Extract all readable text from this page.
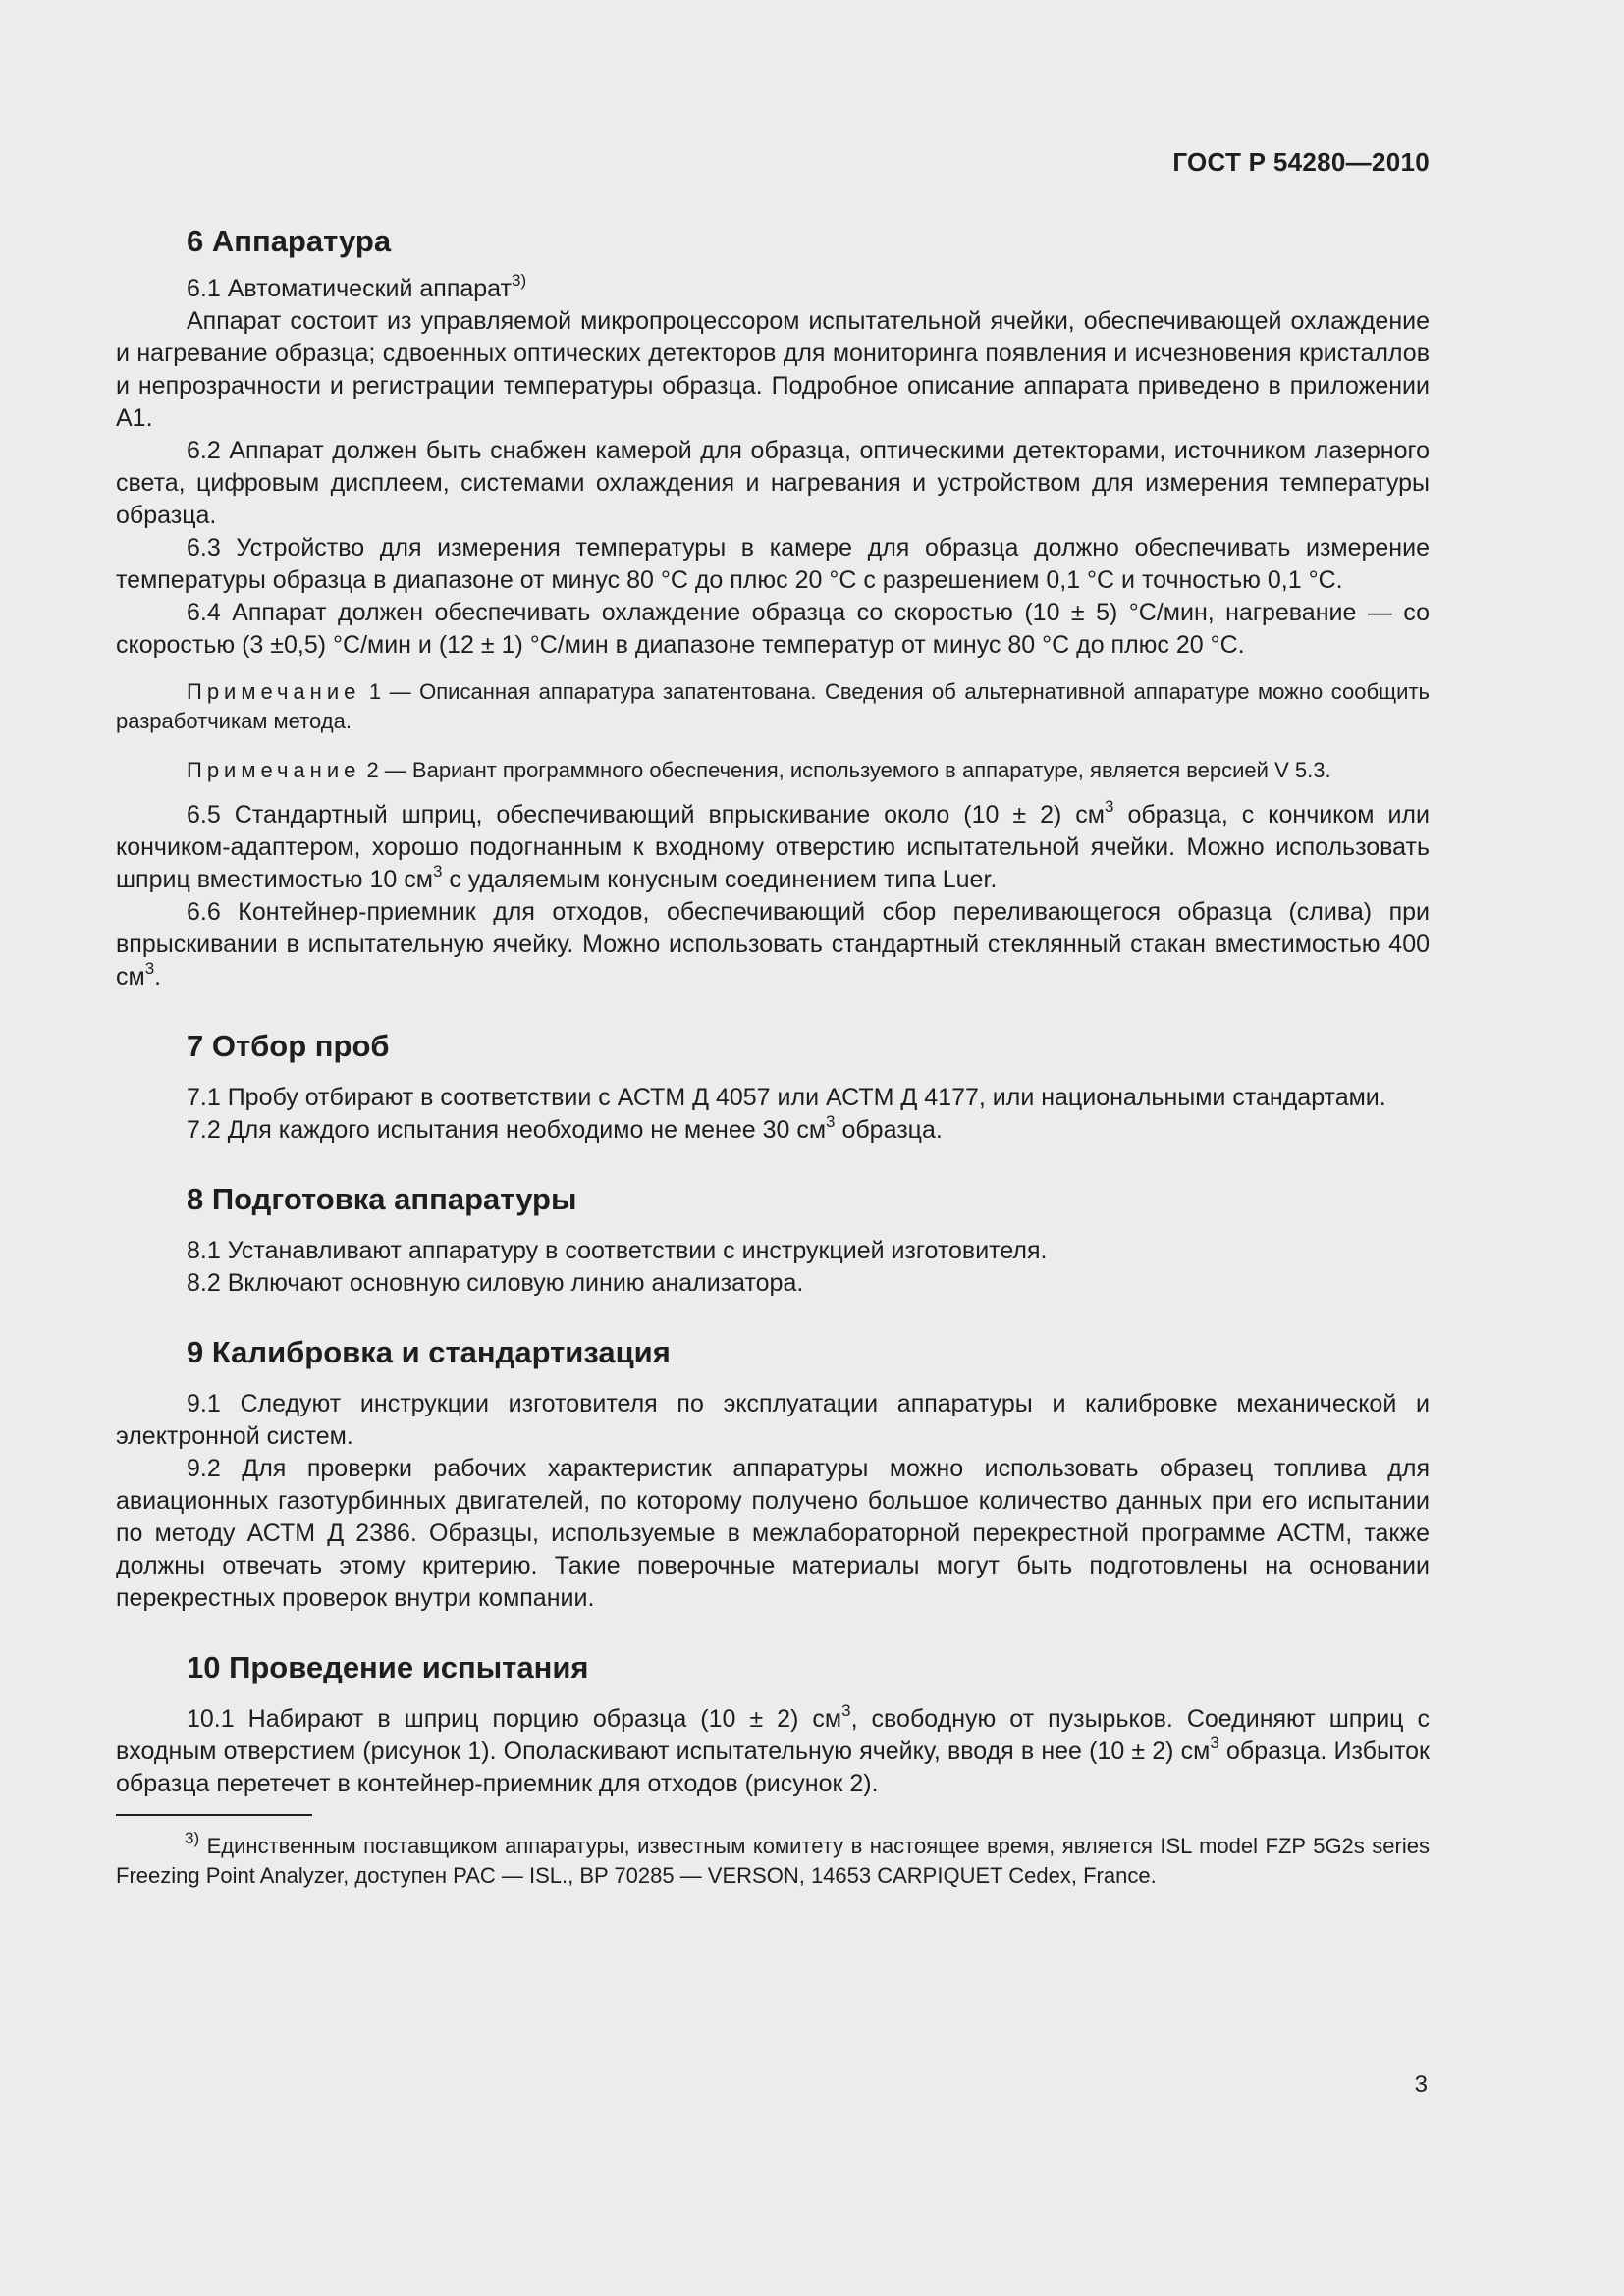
ГОСТ Р 54280—2010
6 Аппаратура

6.1 Автоматический аппарат$^{3)}$

Аппарат состоит из управляемой микропроцессором испытательной ячейки, обеспечивающей охлаждение и нагревание образца; сдвоенных оптических детекторов для мониторинга появления и исчезновения кристаллов и непрозрачности и регистрации температуры образца. Подробное описание аппарата приведено в приложении А1.

6.2 Аппарат должен быть снабжен камерой для образца, оптическими детекторами, источником лазерного света, цифровым дисплеем, системами охлаждения и нагревания и устройством для измерения температуры образца.

6.3 Устройство для измерения температуры в камере для образца должно обеспечивать измерение температуры образца в диапазоне от минус 80 °С до плюс 20 °С с разрешением 0,1 °С и точностью 0,1 °С.

6.4 Аппарат должен обеспечивать охлаждение образца со скоростью (10 ± 5) °С/мин, нагревание — со скоростью (3 ±0,5) °С/мин и (12 ± 1) °С/мин в диапазоне температур от минус 80 °С до плюс 20 °С.

Примечание 1 — Описанная аппаратура запатентована. Сведения об альтернативной аппаратуре можно сообщить разработчикам метода.

Примечание 2 — Вариант программного обеспечения, используемого в аппаратуре, является версией V 5.3.

6.5 Стандартный шприц, обеспечивающий впрыскивание около (10 ± 2) $см^3$ образца, с кончиком или кончиком-адаптером, хорошо подогнанным к входному отверстию испытательной ячейки. Можно использовать шприц вместимостью 10 $см^3$ с удаляемым конусным соединением типа Luer.

6.6 Контейнер-приемник для отходов, обеспечивающий сбор переливающегося образца (слива) при впрыскивании в испытательную ячейку. Можно использовать стандартный стеклянный стакан вместимостью 400 $см^3$.

7 Отбор проб

7.1 Пробу отбирают в соответствии с АСТМ Д 4057 или АСТМ Д 4177, или национальными стандартами.

7.2 Для каждого испытания необходимо не менее 30 $см^3$ образца.

8 Подготовка аппаратуры

8.1 Устанавливают аппаратуру в соответствии с инструкцией изготовителя.

8.2 Включают основную силовую линию анализатора.

9 Калибровка и стандартизация

9.1 Следуют инструкции изготовителя по эксплуатации аппаратуры и калибровке механической и электронной систем.

9.2 Для проверки рабочих характеристик аппаратуры можно использовать образец топлива для авиационных газотурбинных двигателей, по которому получено большое количество данных при его испытании по методу АСТМ Д 2386. Образцы, используемые в межлабораторной перекрестной программе АСТМ, также должны отвечать этому критерию. Такие поверочные материалы могут быть подготовлены на основании перекрестных проверок внутри компании.

10 Проведение испытания

10.1 Набирают в шприц порцию образца (10 ± 2) $см^3$, свободную от пузырьков. Соединяют шприц с входным отверстием (рисунок 1). Ополаскивают испытательную ячейку, вводя в нее (10 ± 2) $см^3$ образца. Избыток образца перетечет в контейнер-приемник для отходов (рисунок 2).

$^{3)}$ Единственным поставщиком аппаратуры, известным комитету в настоящее время, является ISL model FZP 5G2s series Freezing Point Analyzer, доступен PAC — ISL., BP 70285 — VERSON, 14653 CARPIQUET Cedex, France.

3
